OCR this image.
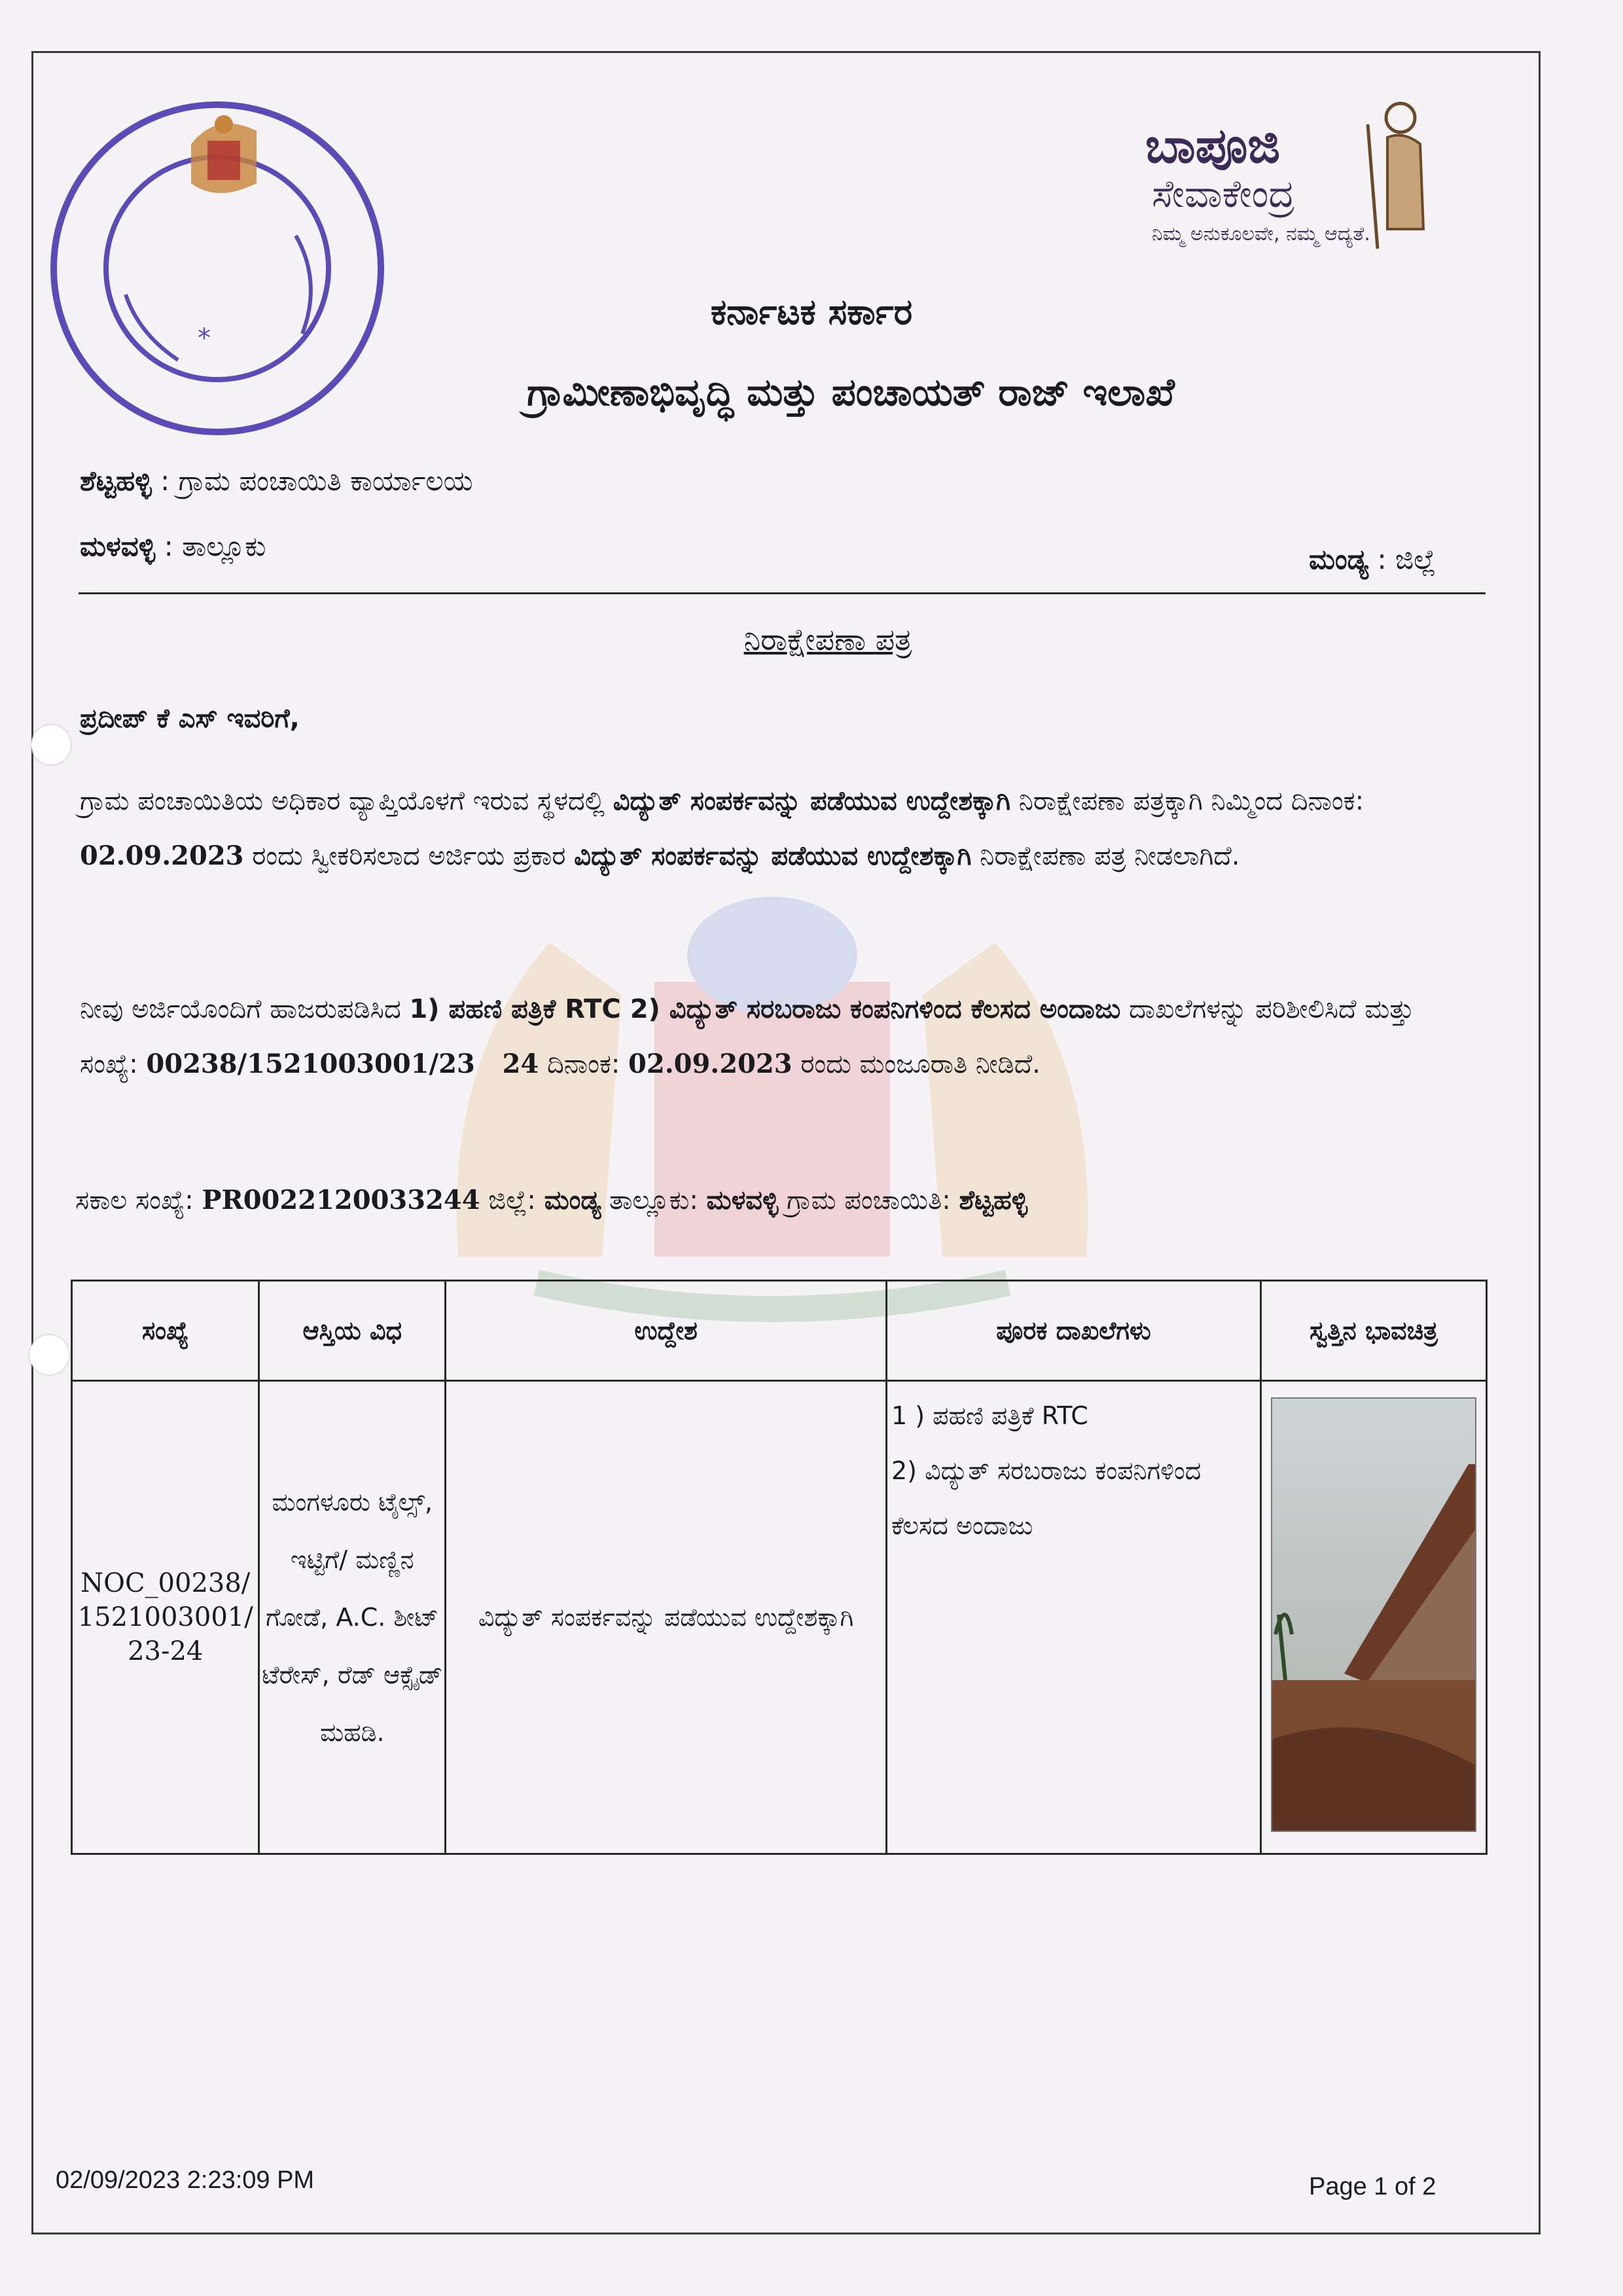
*
ಬಾಪೂಜಿ
ಸೇವಾಕೇಂದ್ರ
ನಿಮ್ಮ ಅನುಕೂಲವೇ, ನಮ್ಮ ಆದ್ಯತೆ.
ಕರ್ನಾಟಕ ಸರ್ಕಾರ
ಗ್ರಾಮೀಣಾಭಿವೃದ್ಧಿ ಮತ್ತು ಪಂಚಾಯತ್ ರಾಜ್ ಇಲಾಖೆ
ಶೆಟ್ಟಹಳ್ಳಿ : ಗ್ರಾಮ ಪಂಚಾಯಿತಿ ಕಾರ್ಯಾಲಯ
ಮಳವಳ್ಳಿ : ತಾಲ್ಲೂಕು	ಮಂಡ್ಯ : ಜಿಲ್ಲೆ
ನಿರಾಕ್ಷೇಪಣಾ ಪತ್ರ
ಪ್ರದೀಪ್ ಕೆ ಎಸ್ ಇವರಿಗೆ,
ಗ್ರಾಮ ಪಂಚಾಯಿತಿಯ ಅಧಿಕಾರ ವ್ಯಾಪ್ತಿಯೊಳಗೆ ಇರುವ ಸ್ಥಳದಲ್ಲಿ ವಿದ್ಯುತ್ ಸಂಪರ್ಕವನ್ನು ಪಡೆಯುವ ಉದ್ದೇಶಕ್ಕಾಗಿ ನಿರಾಕ್ಷೇಪಣಾ ಪತ್ರಕ್ಕಾಗಿ ನಿಮ್ಮಿಂದ ದಿನಾಂಕ: 02.09.2023 ರಂದು ಸ್ವೀಕರಿಸಲಾದ ಅರ್ಜಿಯ ಪ್ರಕಾರ ವಿದ್ಯುತ್ ಸಂಪರ್ಕವನ್ನು ಪಡೆಯುವ ಉದ್ದೇಶಕ್ಕಾಗಿ ನಿರಾಕ್ಷೇಪಣಾ ಪತ್ರ ನೀಡಲಾಗಿದೆ.
ನೀವು ಅರ್ಜಿಯೊಂದಿಗೆ ಹಾಜರುಪಡಿಸಿದ 1) ಪಹಣಿ ಪತ್ರಿಕೆ RTC 2) ವಿದ್ಯುತ್ ಸರಬರಾಜು ಕಂಪನಿಗಳಿಂದ ಕೆಲಸದ ಅಂದಾಜು ದಾಖಲೆಗಳನ್ನು ಪರಿಶೀಲಿಸಿದೆ ಮತ್ತು ಸಂಖ್ಯೆ: 00238/1521003001/23   24 ದಿನಾಂಕ: 02.09.2023 ರಂದು ಮಂಜೂರಾತಿ ನೀಡಿದೆ.
ಸಕಾಲ ಸಂಖ್ಯೆ: PR0022120033244 ಜಿಲ್ಲೆ: ಮಂಡ್ಯ ತಾಲ್ಲೂಕು: ಮಳವಳ್ಳಿ ಗ್ರಾಮ ಪಂಚಾಯಿತಿ: ಶೆಟ್ಟಹಳ್ಳಿ
ಸಂಖ್ಯೆ	ಆಸ್ತಿಯ ವಿಧ	ಉದ್ದೇಶ	ಪೂರಕ ದಾಖಲೆಗಳು	ಸ್ವತ್ತಿನ ಭಾವಚಿತ್ರ
NOC_00238/1521003001/23-24	ಮಂಗಳೂರು ಟೈಲ್ಸ್, ಇಟ್ಟಿಗೆ/ ಮಣ್ಣಿನ ಗೋಡೆ, A.C. ಶೀಟ್ ಟೆರೇಸ್, ರೆಡ್ ಆಕ್ಸೈಡ್ ಮಹಡಿ.	ವಿದ್ಯುತ್ ಸಂಪರ್ಕವನ್ನು ಪಡೆಯುವ ಉದ್ದೇಶಕ್ಕಾಗಿ	1 ) ಪಹಣಿ ಪತ್ರಿಕೆ RTC
2) ವಿದ್ಯುತ್ ಸರಬರಾಜು ಕಂಪನಿಗಳಿಂದ ಕೆಲಸದ ಅಂದಾಜು

02/09/2023 2:23:09 PM	Page 1 of 2
